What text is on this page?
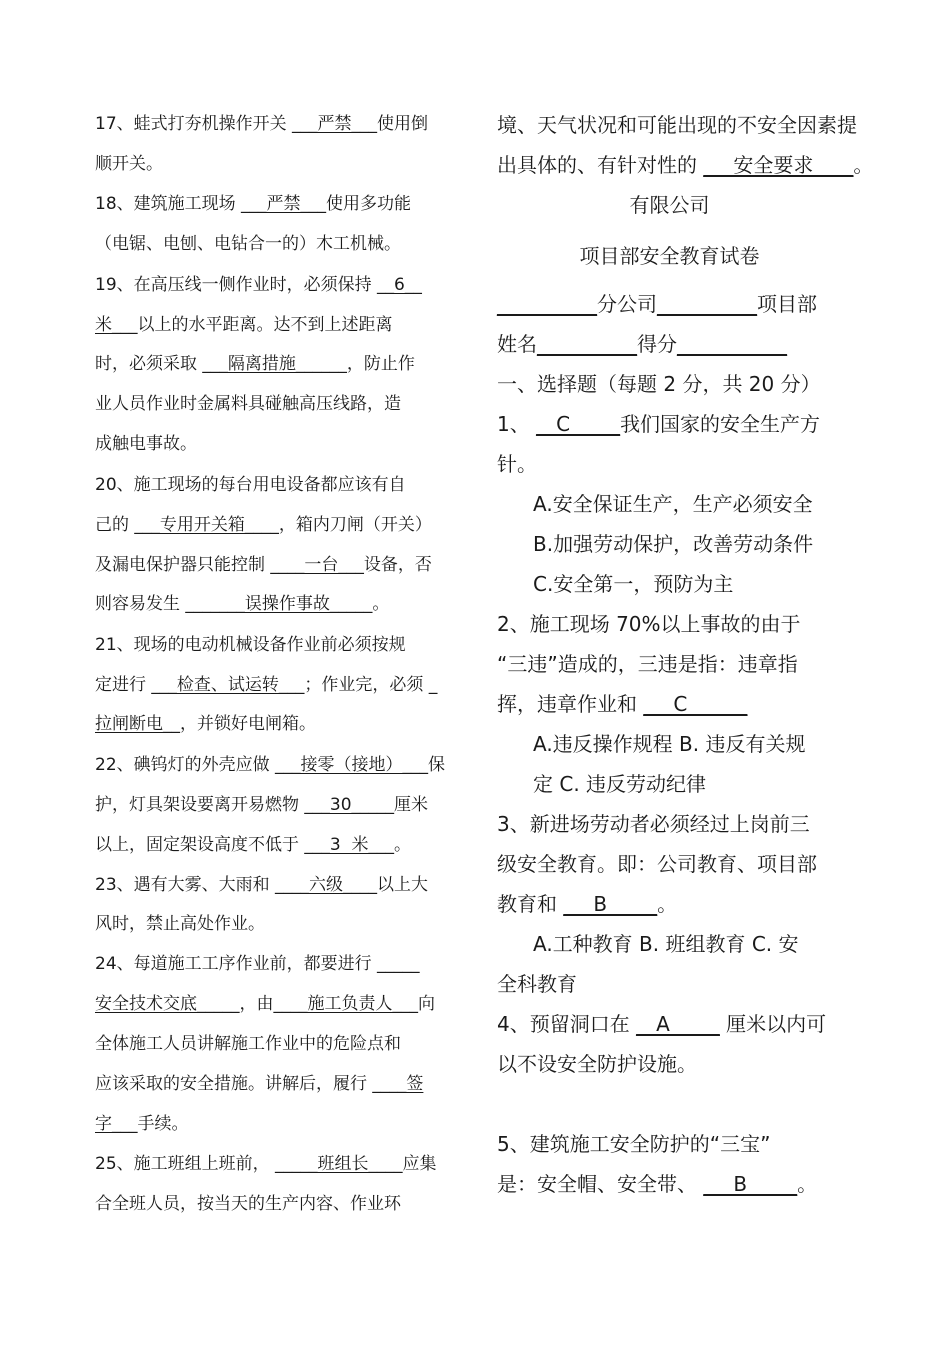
17、蛙式打夯机操作开关 ___严禁___使用倒
顺开关。
18、建筑施工现场 ___严禁___使用多功能
（电锯、电刨、电钻合一的）木工机械。
19、在高压线一侧作业时，必须保持 __6__
米___以上的水平距离。达不到上述距离
时，必须采取 ___隔离措施______，防止作
业人员作业时金属料具碰触高压线路，造
成触电事故。
20、施工现场的每台用电设备都应该有自
己的 ___专用开关箱____，箱内刀闸（开关）
及漏电保护器只能控制 ____一台___设备，否
则容易发生 _______误操作事故_____。
21、现场的电动机械设备作业前必须按规
定进行 ___检查、试运转___；作业完，必须 _
拉闸断电__，并锁好电闸箱。
22、碘钨灯的外壳应做 ___接零（接地）___保
护，灯具架设要离开易燃物 ___30_____厘米
以上，固定架设高度不低于 ___3  米___。
23、遇有大雾、大雨和 ____六级____以上大
风时，禁止高处作业。
24、每道施工工序作业前，都要进行 _____
安全技术交底_____，由____施工负责人___向
全体施工人员讲解施工作业中的危险点和
应该采取的安全措施。讲解后，履行 ____签
字___手续。
25、施工班组上班前， _____班组长____应集
合全班人员，按当天的生产内容、作业环
境、天气状况和可能出现的不安全因素提
出具体的、有针对性的 ___安全要求____。
有限公司
项目部安全教育试卷
__________分公司__________项目部
姓名__________得分___________
一、选择题（每题 2 分，共 20 分）
1、 __C_____我们国家的安全生产方
针。
A.安全保证生产，生产必须安全
B.加强劳动保护，改善劳动条件
C.安全第一，预防为主
2、施工现场 70%以上事故的由于
“三违”造成的，三违是指：违章指
挥，违章作业和 ___C______
A.违反操作规程 B. 违反有关规
定 C. 违反劳动纪律
3、新进场劳动者必须经过上岗前三
级安全教育。即：公司教育、项目部
教育和 ___B_____。
A.工种教育 B. 班组教育 C. 安
全科教育
4、预留洞口在 __A_____ 厘米以内可
以不设安全防护设施。
5、建筑施工安全防护的“三宝”
是：安全帽、安全带、 ___B_____。
